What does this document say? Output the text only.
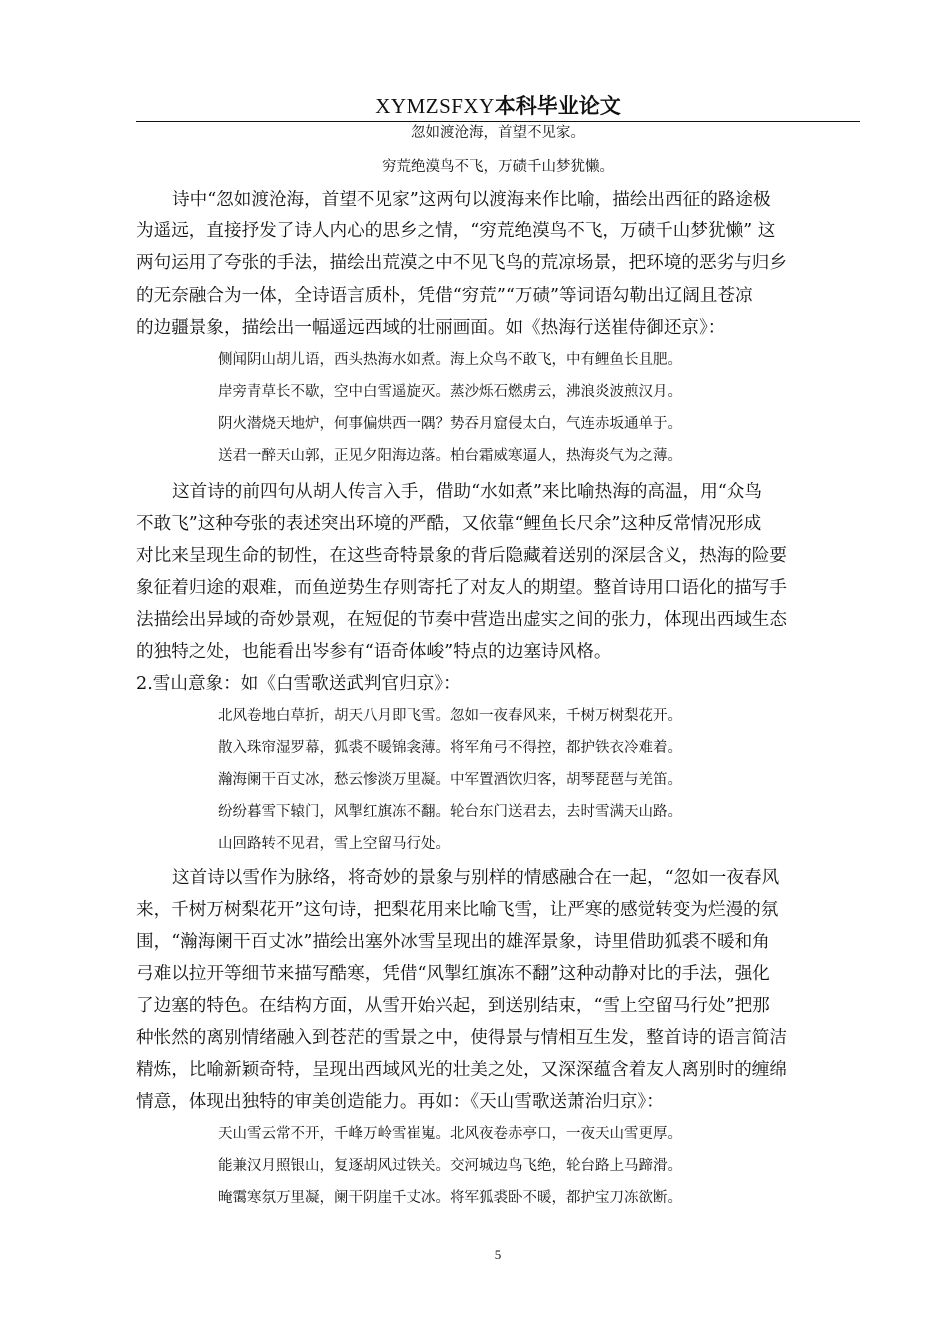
XYMZSFXY本科毕业论文
忽如渡沧海，首望不见家。
穷荒绝漠鸟不飞，万碛千山梦犹懒。
诗中“忽如渡沧海，首望不见家”这两句以渡海来作比喻，描绘出西征的路途极
为遥远，直接抒发了诗人内心的思乡之情，“穷荒绝漠鸟不飞，万碛千山梦犹懒” 这
两句运用了夸张的手法，描绘出荒漠之中不见飞鸟的荒凉场景，把环境的恶劣与归乡
的无奈融合为一体，全诗语言质朴，凭借“穷荒”“万碛”等词语勾勒出辽阔且苍凉
的边疆景象，描绘出一幅遥远西域的壮丽画面。如《热海行送崔侍御还京》：
侧闻阴山胡儿语，西头热海水如煮。海上众鸟不敢飞，中有鲤鱼长且肥。
岸旁青草长不歇，空中白雪遥旋灭。蒸沙烁石燃虏云，沸浪炎波煎汉月。
阴火潜烧天地炉，何事偏烘西一隅？势吞月窟侵太白，气连赤坂通单于。
送君一醉天山郭，正见夕阳海边落。柏台霜威寒逼人，热海炎气为之薄。
这首诗的前四句从胡人传言入手，借助“水如煮”来比喻热海的高温，用“众鸟
不敢飞”这种夸张的表述突出环境的严酷，又依靠“鲤鱼长尺余”这种反常情况形成
对比来呈现生命的韧性，在这些奇特景象的背后隐藏着送别的深层含义，热海的险要
象征着归途的艰难，而鱼逆势生存则寄托了对友人的期望。整首诗用口语化的描写手
法描绘出异域的奇妙景观，在短促的节奏中营造出虚实之间的张力，体现出西域生态
的独特之处，也能看出岑参有“语奇体峻”特点的边塞诗风格。
2.雪山意象：如《白雪歌送武判官归京》：
北风卷地白草折，胡天八月即飞雪。忽如一夜春风来，千树万树梨花开。
散入珠帘湿罗幕，狐裘不暖锦衾薄。将军角弓不得控，都护铁衣冷难着。
瀚海阑干百丈冰，愁云惨淡万里凝。中军置酒饮归客，胡琴琵琶与羌笛。
纷纷暮雪下辕门，风掣红旗冻不翻。轮台东门送君去，去时雪满天山路。
山回路转不见君，雪上空留马行处。
这首诗以雪作为脉络，将奇妙的景象与别样的情感融合在一起，“忽如一夜春风
来，千树万树梨花开”这句诗，把梨花用来比喻飞雪，让严寒的感觉转变为烂漫的氛
围，“瀚海阑干百丈冰”描绘出塞外冰雪呈现出的雄浑景象，诗里借助狐裘不暖和角
弓难以拉开等细节来描写酷寒，凭借“风掣红旗冻不翻”这种动静对比的手法，强化
了边塞的特色。在结构方面，从雪开始兴起，到送别结束，“雪上空留马行处”把那
种怅然的离别情绪融入到苍茫的雪景之中，使得景与情相互生发，整首诗的语言简洁
精炼，比喻新颖奇特，呈现出西域风光的壮美之处，又深深蕴含着友人离别时的缠绵
情意，体现出独特的审美创造能力。再如：《天山雪歌送萧治归京》：
天山雪云常不开，千峰万岭雪崔嵬。北风夜卷赤亭口，一夜天山雪更厚。
能兼汉月照银山，复逐胡风过铁关。交河城边鸟飞绝，轮台路上马蹄滑。
晻霭寒氛万里凝，阑干阴崖千丈冰。将军狐裘卧不暖，都护宝刀冻欲断。
5
